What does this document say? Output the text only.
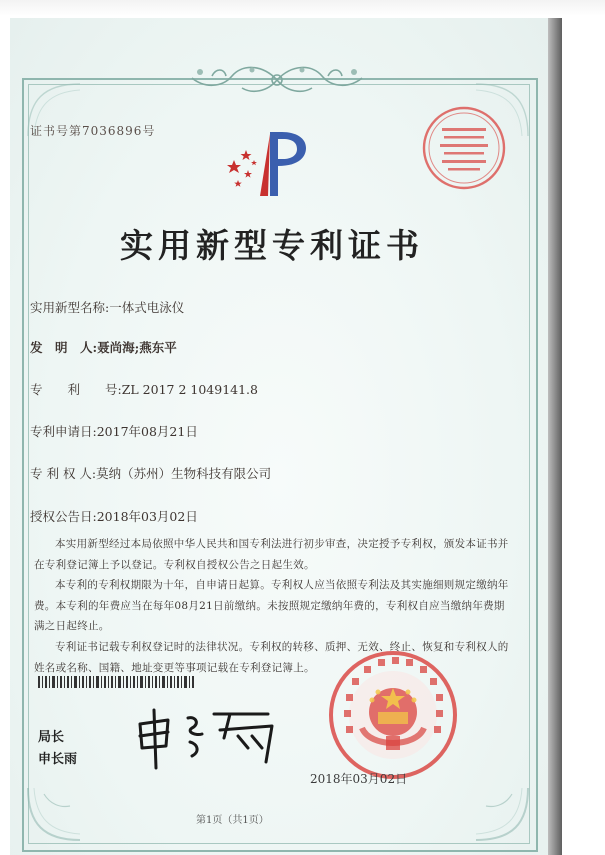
证书号第7036896号
实用新型专利证书
实用新型名称:一体式电泳仪
发　明　人:聂尚海;燕东平
专　　利　　号:ZL 2017 2 1049141.8
专利申请日:2017年08月21日
专 利 权 人:莫纳（苏州）生物科技有限公司
授权公告日:2018年03月02日
本实用新型经过本局依照中华人民共和国专利法进行初步审查，决定授予专利权，颁发本证书并在专利登记簿上予以登记。专利权自授权公告之日起生效。
本专利的专利权期限为十年，自申请日起算。专利权人应当依照专利法及其实施细则规定缴纳年费。本专利的年费应当在每年08月21日前缴纳。未按照规定缴纳年费的，专利权自应当缴纳年费期满之日起终止。
专利证书记载专利权登记时的法律状况。专利权的转移、质押、无效、终止、恢复和专利权人的姓名或名称、国籍、地址变更等事项记载在专利登记簿上。
局长
申长雨
2018年03月02日
第1页（共1页）
